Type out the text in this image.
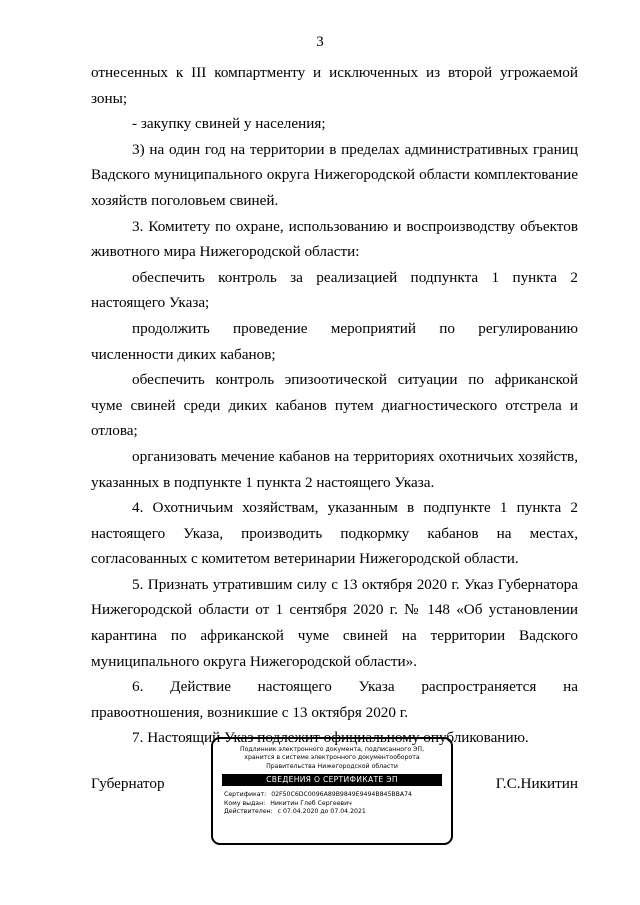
3

отнесенных к III компартменту и исключенных из второй угрожаемой зоны;

- закупку свиней у населения;

3) на один год на территории в пределах административных границ Вадского муниципального округа Нижегородской области комплектование хозяйств поголовьем свиней.

3. Комитету по охране, использованию и воспроизводству объектов животного мира Нижегородской области:

обеспечить контроль за реализацией подпункта 1 пункта 2 настоящего Указа;

продолжить проведение мероприятий по регулированию численности диких кабанов;

обеспечить контроль эпизоотической ситуации по африканской чуме свиней среди диких кабанов путем диагностического отстрела и отлова;

организовать мечение кабанов на территориях охотничьих хозяйств, указанных в подпункте 1 пункта 2 настоящего Указа.

4. Охотничьим хозяйствам, указанным в подпункте 1 пункта 2 настоящего Указа, производить подкормку кабанов на местах, согласованных с комитетом ветеринарии Нижегородской области.

5. Признать утратившим силу с 13 октября 2020 г. Указ Губернатора Нижегородской области от 1 сентября 2020 г. № 148 «Об установлении карантина по африканской чуме свиней на территории Вадского муниципального округа Нижегородской области».

6. Действие настоящего Указа распространяется на правоотношения, возникшие с 13 октября 2020 г.

7. Настоящий Указ подлежит официальному опубликованию.

Губернатор
Подлинник электронного документа, подписанного ЭП,
хранится в системе электронного документооборота
Правительства Нижегородской области
СВЕДЕНИЯ О СЕРТИФИКАТЕ ЭП
Сертификат: 02F50C6DC0096A89B9849E9494B845BBA74
Кому выдан: Никитин Глеб Сергеевич
Действителен: с 07.04.2020 до 07.04.2021
Г.С.Никитин
